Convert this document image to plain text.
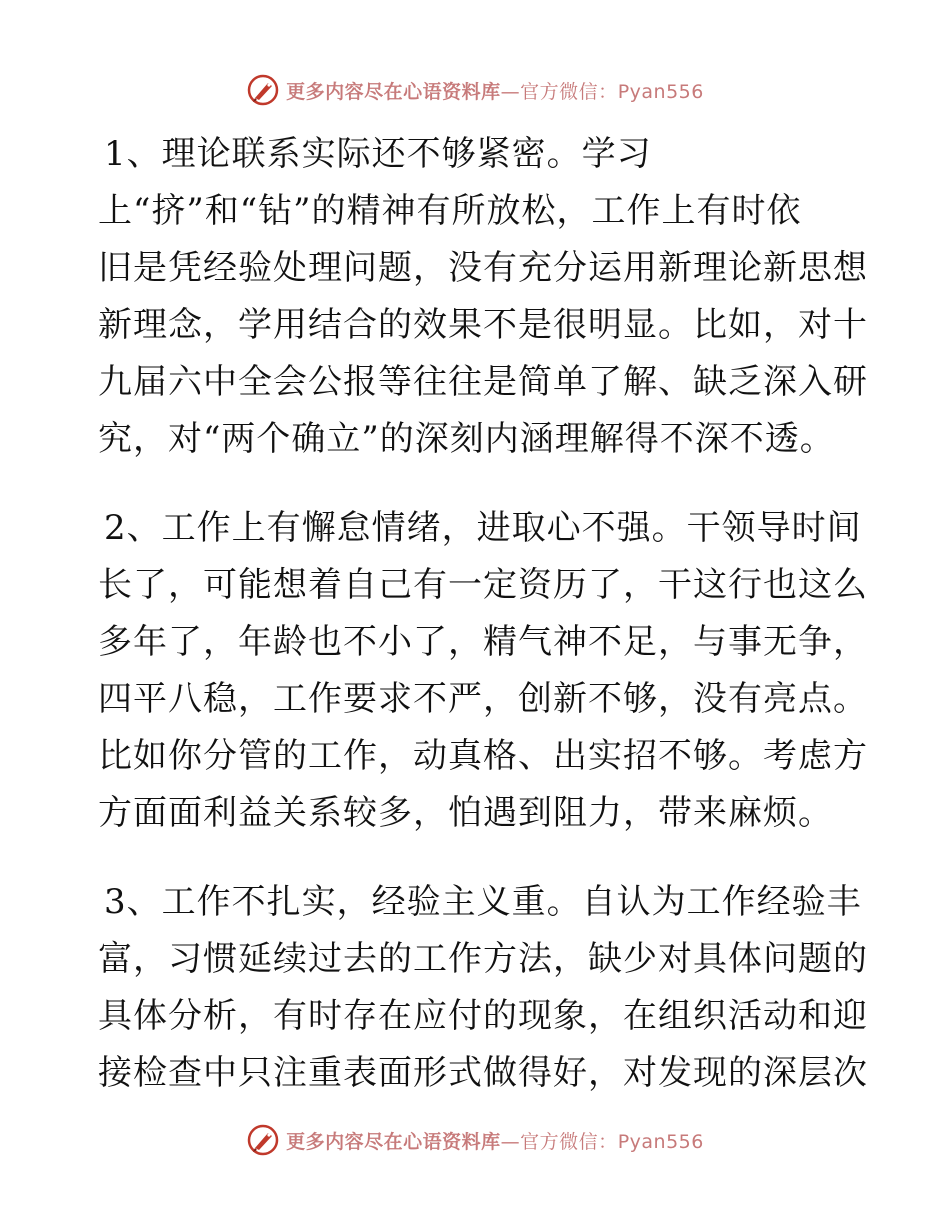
更多内容尽在心语资料库—官方微信：Pyan556
1、理论联系实际还不够紧密。学习
上“挤”和“钻”的精神有所放松，工作上有时依
旧是凭经验处理问题，没有充分运用新理论新思想
新理念，学用结合的效果不是很明显。比如，对十
九届六中全会公报等往往是简单了解、缺乏深入研
究，对“两个确立”的深刻内涵理解得不深不透。
2、工作上有懈怠情绪，进取心不强。干领导时间
长了，可能想着自己有一定资历了，干这行也这么
多年了，年龄也不小了，精气神不足，与事无争，
四平八稳，工作要求不严，创新不够，没有亮点。
比如你分管的工作，动真格、出实招不够。考虑方
方面面利益关系较多，怕遇到阻力，带来麻烦。
3、工作不扎实，经验主义重。自认为工作经验丰
富，习惯延续过去的工作方法，缺少对具体问题的
具体分析，有时存在应付的现象，在组织活动和迎
接检查中只注重表面形式做得好，对发现的深层次
更多内容尽在心语资料库—官方微信：Pyan556
